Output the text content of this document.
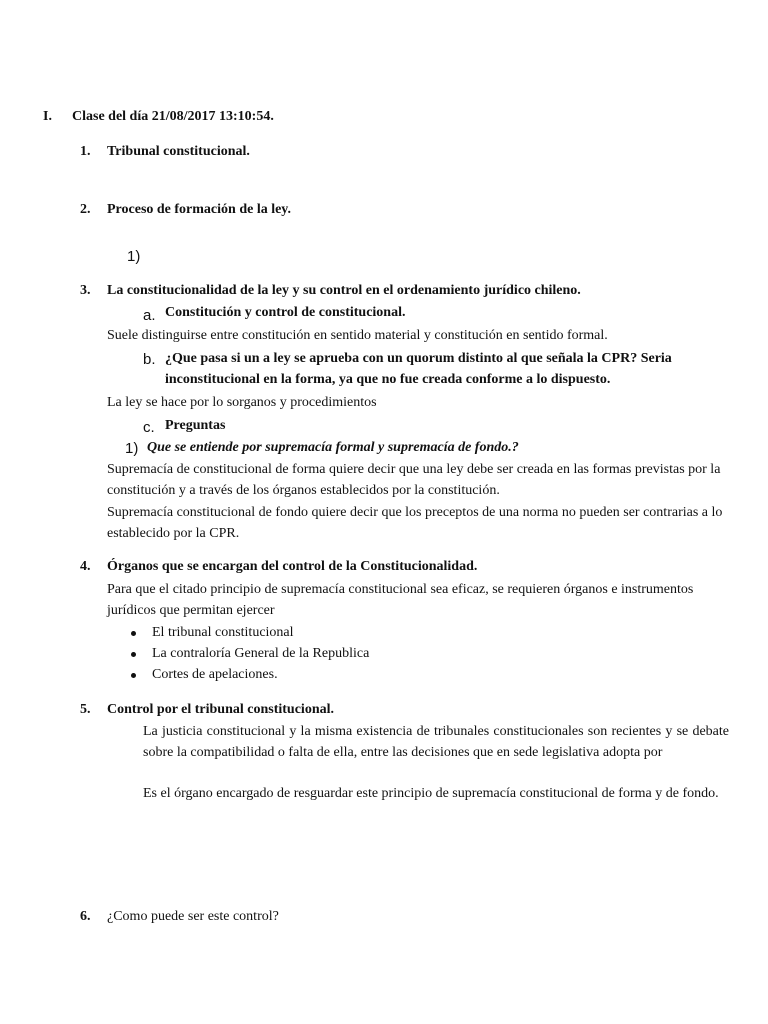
I. Clase del día 21/08/2017 13:10:54.
1. Tribunal constitucional.
2. Proceso de formación de la ley.
1)
3. La constitucionalidad de la ley y su control en el ordenamiento jurídico chileno.
a. Constitución y control de constitucional.
Suele distinguirse entre constitución en sentido material y constitución en sentido formal.
b. ¿Que pasa si un a ley se aprueba con un quorum distinto al que señala la CPR? Seria
inconstitucional en la forma, ya que no fue creada conforme a lo dispuesto.
La ley se hace por lo sorganos y procedimientos
c. Preguntas
1) Que se entiende por supremacía formal y supremacía de fondo.?
Supremacía de constitucional de forma quiere decir que una ley debe ser creada en las formas previstas por la constitución y a través de los órganos establecidos por la constitución.
Supremacía constitucional de fondo quiere decir que los preceptos de una norma no pueden ser contrarias a lo establecido por la CPR.
4. Órganos que se encargan del control de la Constitucionalidad.
Para que el citado principio de supremacía constitucional sea eficaz, se requieren órganos e instrumentos jurídicos que permitan ejercer
El tribunal constitucional
La contraloría General de la Republica
Cortes de apelaciones.
5. Control por el tribunal constitucional.
La justicia constitucional y la misma existencia de tribunales constitucionales son recientes y se debate sobre la compatibilidad o falta de ella, entre las decisiones que en sede legislativa adopta por
Es el órgano encargado de resguardar este principio de supremacía constitucional de forma y de fondo.
6. ¿Como puede ser este control?
